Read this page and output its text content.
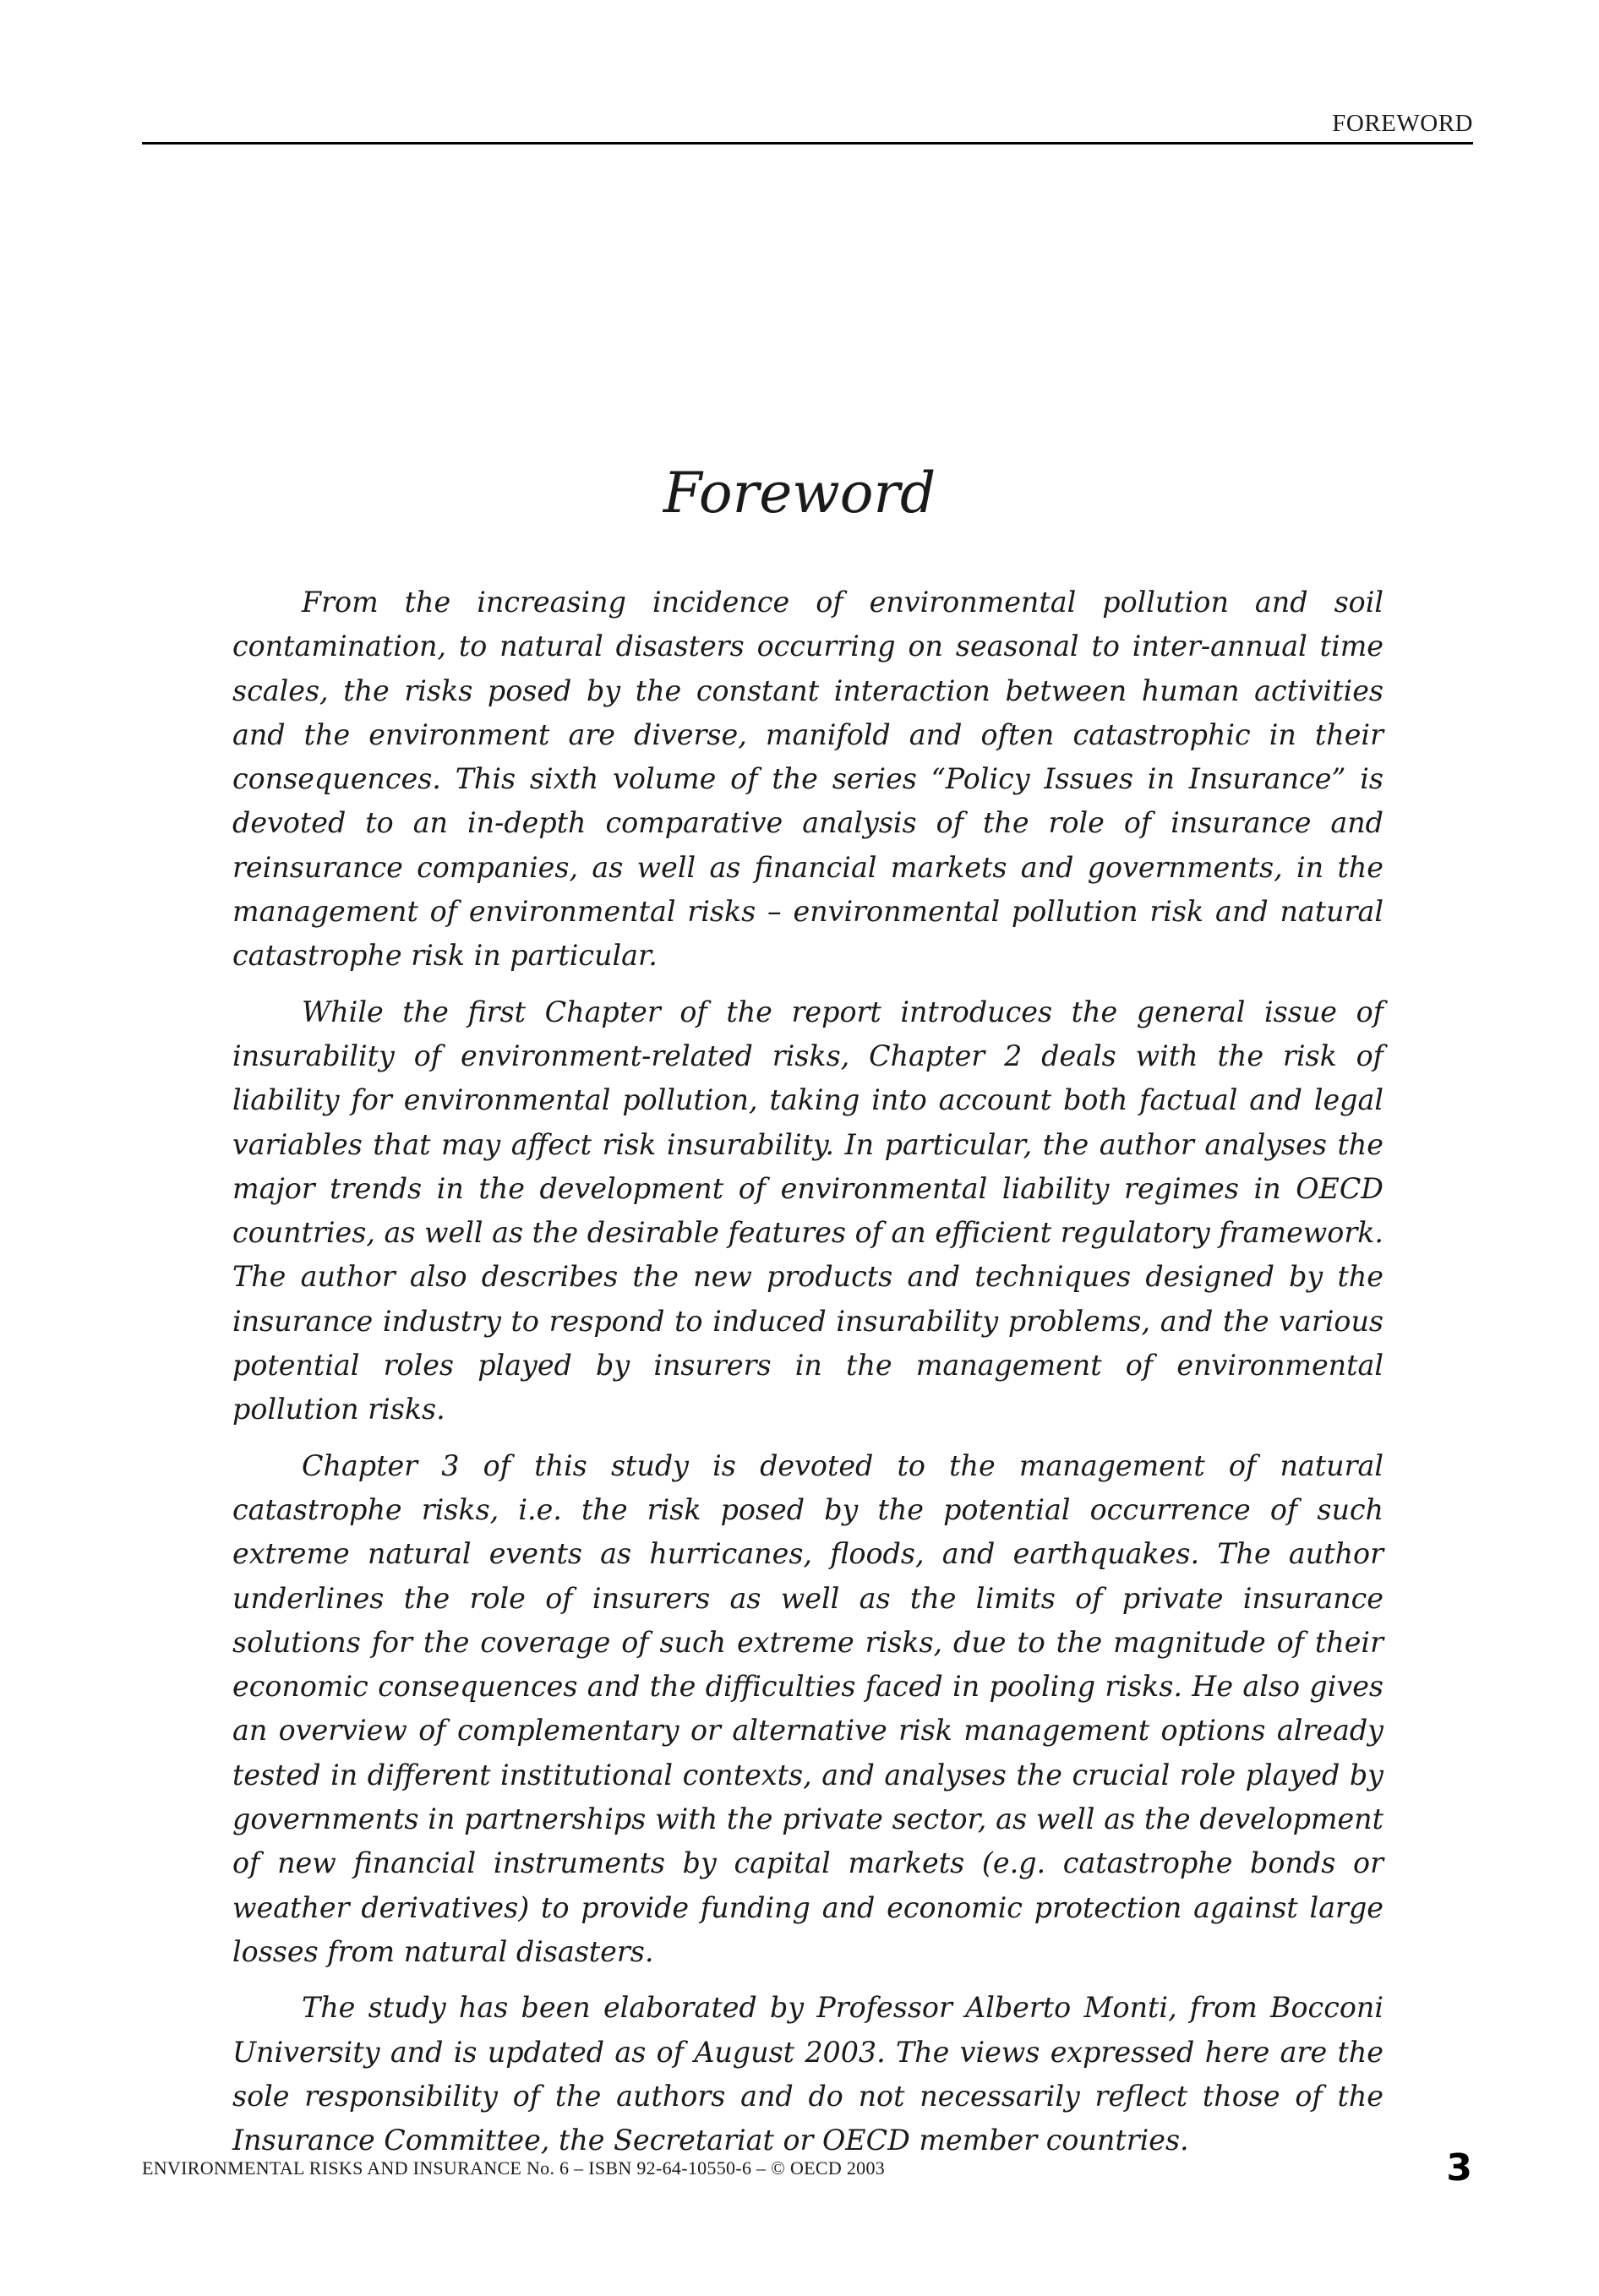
FOREWORD
Foreword

From the increasing incidence of environmental pollution and soil contamination, to natural disasters occurring on seasonal to inter-annual time scales, the risks posed by the constant interaction between human activities and the environment are diverse, manifold and often catastrophic in their consequences. This sixth volume of the series “Policy Issues in Insurance” is devoted to an in-depth comparative analysis of the role of insurance and reinsurance companies, as well as financial markets and governments, in the management of environmental risks – environmental pollution risk and natural catastrophe risk in particular.

While the first Chapter of the report introduces the general issue of insurability of environment-related risks, Chapter 2 deals with the risk of liability for environmental pollution, taking into account both factual and legal variables that may affect risk insurability. In particular, the author analyses the major trends in the development of environmental liability regimes in OECD countries, as well as the desirable features of an efficient regulatory framework. The author also describes the new products and techniques designed by the insurance industry to respond to induced insurability problems, and the various potential roles played by insurers in the management of environmental pollution risks.

Chapter 3 of this study is devoted to the management of natural catastrophe risks, i.e. the risk posed by the potential occurrence of such extreme natural events as hurricanes, floods, and earthquakes. The author underlines the role of insurers as well as the limits of private insurance solutions for the coverage of such extreme risks, due to the magnitude of their economic consequences and the difficulties faced in pooling risks. He also gives an overview of complementary or alternative risk management options already tested in different institutional contexts, and analyses the crucial role played by governments in partnerships with the private sector, as well as the development of new financial instruments by capital markets (e.g. catastrophe bonds or weather derivatives) to provide funding and economic protection against large losses from natural disasters.

The study has been elaborated by Professor Alberto Monti, from Bocconi University and is updated as of August 2003. The views expressed here are the sole responsibility of the authors and do not necessarily reflect those of the Insurance Committee, the Secretariat or OECD member countries.

ENVIRONMENTAL RISKS AND INSURANCE No. 6 – ISBN 92-64-10550-6 – © OECD 2003	3
